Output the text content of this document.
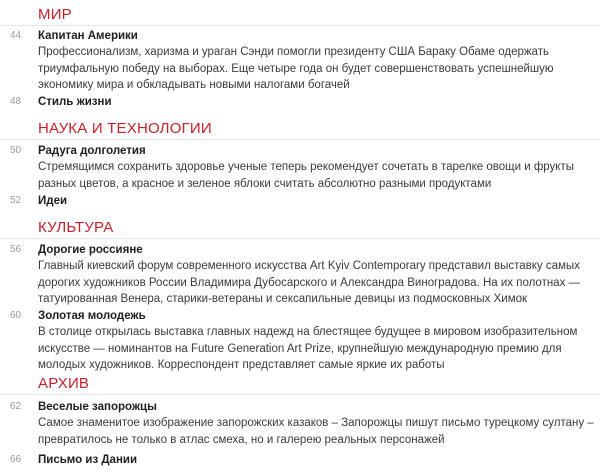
МИР
44 Капитан Америки
Профессионализм, харизма и ураган Сэнди помогли президенту США Бараку Обаме одержать триумфальную победу на выборах. Еще четыре года он будет совершенствовать успешнейшую экономику мира и обкладывать новыми налогами богачей
48 Стиль жизни
НАУКА И ТЕХНОЛОГИИ
50 Радуга долголетия
Стремящимся сохранить здоровье ученые теперь рекомендует сочетать в тарелке овощи и фрукты разных цветов, а красное и зеленое яблоки считать абсолютно разными продуктами
52 Идеи
КУЛЬТУРА
56 Дорогие россияне
Главный киевский форум современного искусства Art Kyiv Contemporary представил выставку самых дорогих художников России Владимира Дубосарского и Александра Виноградова. На их полотнах — татуированная Венера, старики-ветераны и сексапильные девицы из подмосковных Химок
60 Золотая молодежь
В столице открылась выставка главных надежд на блестящее будущее в мировом изобразительном искусстве — номинантов на Future Generation Art Prize, крупнейшую международную премию для молодых художников. Корреспондент представляет самые яркие их работы
АРХИВ
62 Веселые запорожцы
Самое знаменитое изображение запорожских казаков – Запорожцы пишут письмо турецкому султану – превратилось не только в атлас смеха, но и галерею реальных персонажей
66 Письмо из Дании
